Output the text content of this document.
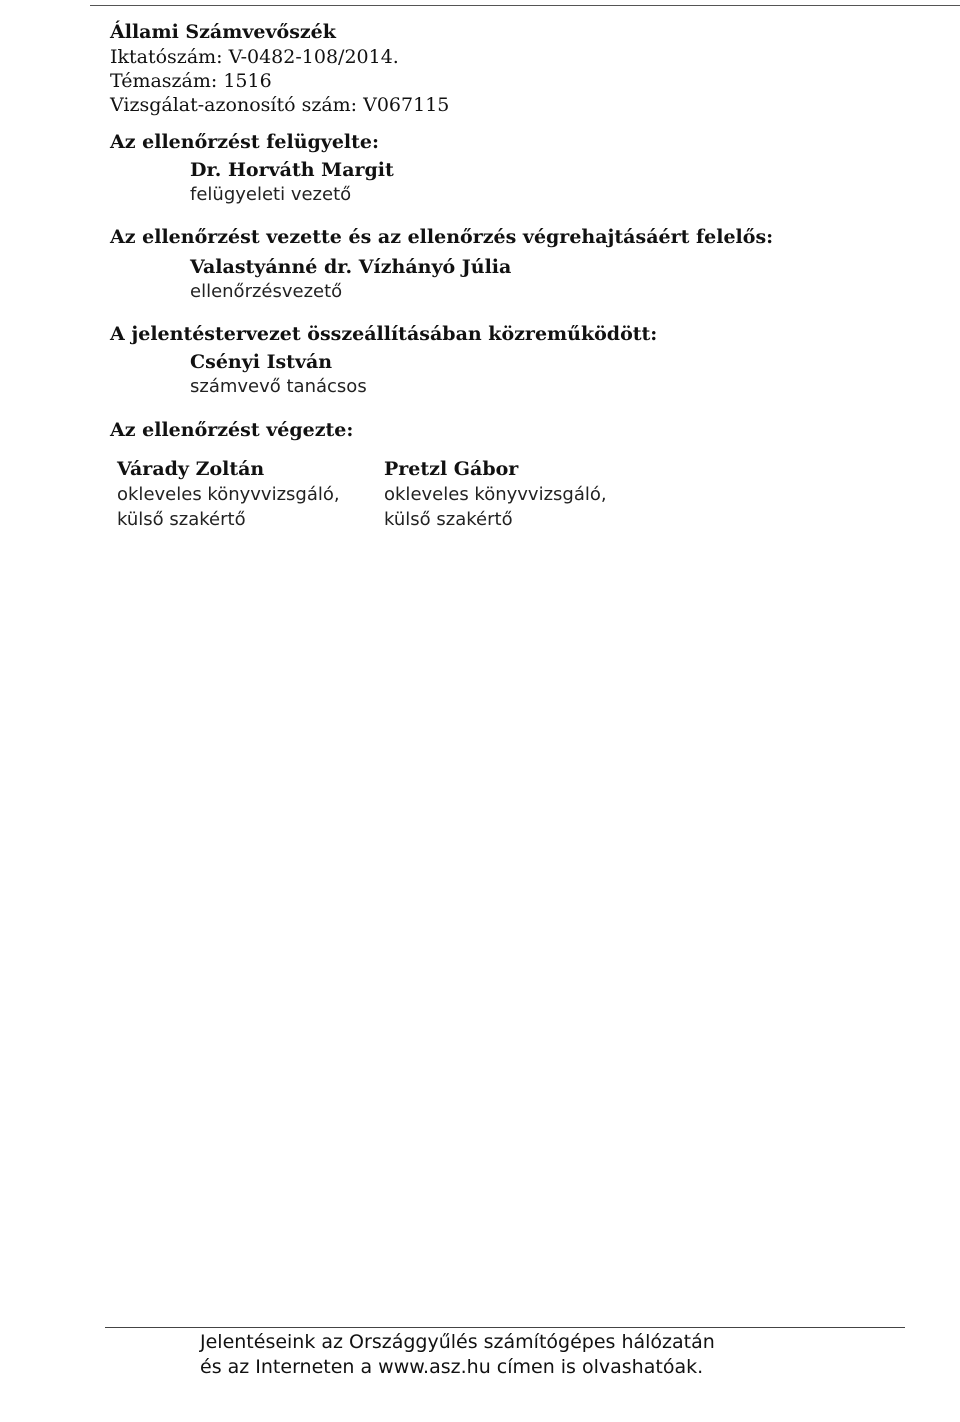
Állami Számvevőszék

Iktatószám: V-0482-108/2014.

Témaszám: 1516

Vizsgálat-azonosító szám: V067115

Az ellenőrzést felügyelte:

Dr. Horváth Margit

felügyeleti vezető

Az ellenőrzést vezette és az ellenőrzés végrehajtásáért felelős:

Valastyánné dr. Vízhányó Júlia

ellenőrzésvezető

A jelentéstervezet összeállításában közreműködött:

Csényi István

számvevő tanácsos

Az ellenőrzést végezte:

Várady Zoltán

okleveles könyvvizsgáló,

külső szakértő

Pretzl Gábor

okleveles könyvvizsgáló,

külső szakértő

Jelentéseink az Országgyűlés számítógépes hálózatán

és az Interneten a www.asz.hu címen is olvashatóak.
